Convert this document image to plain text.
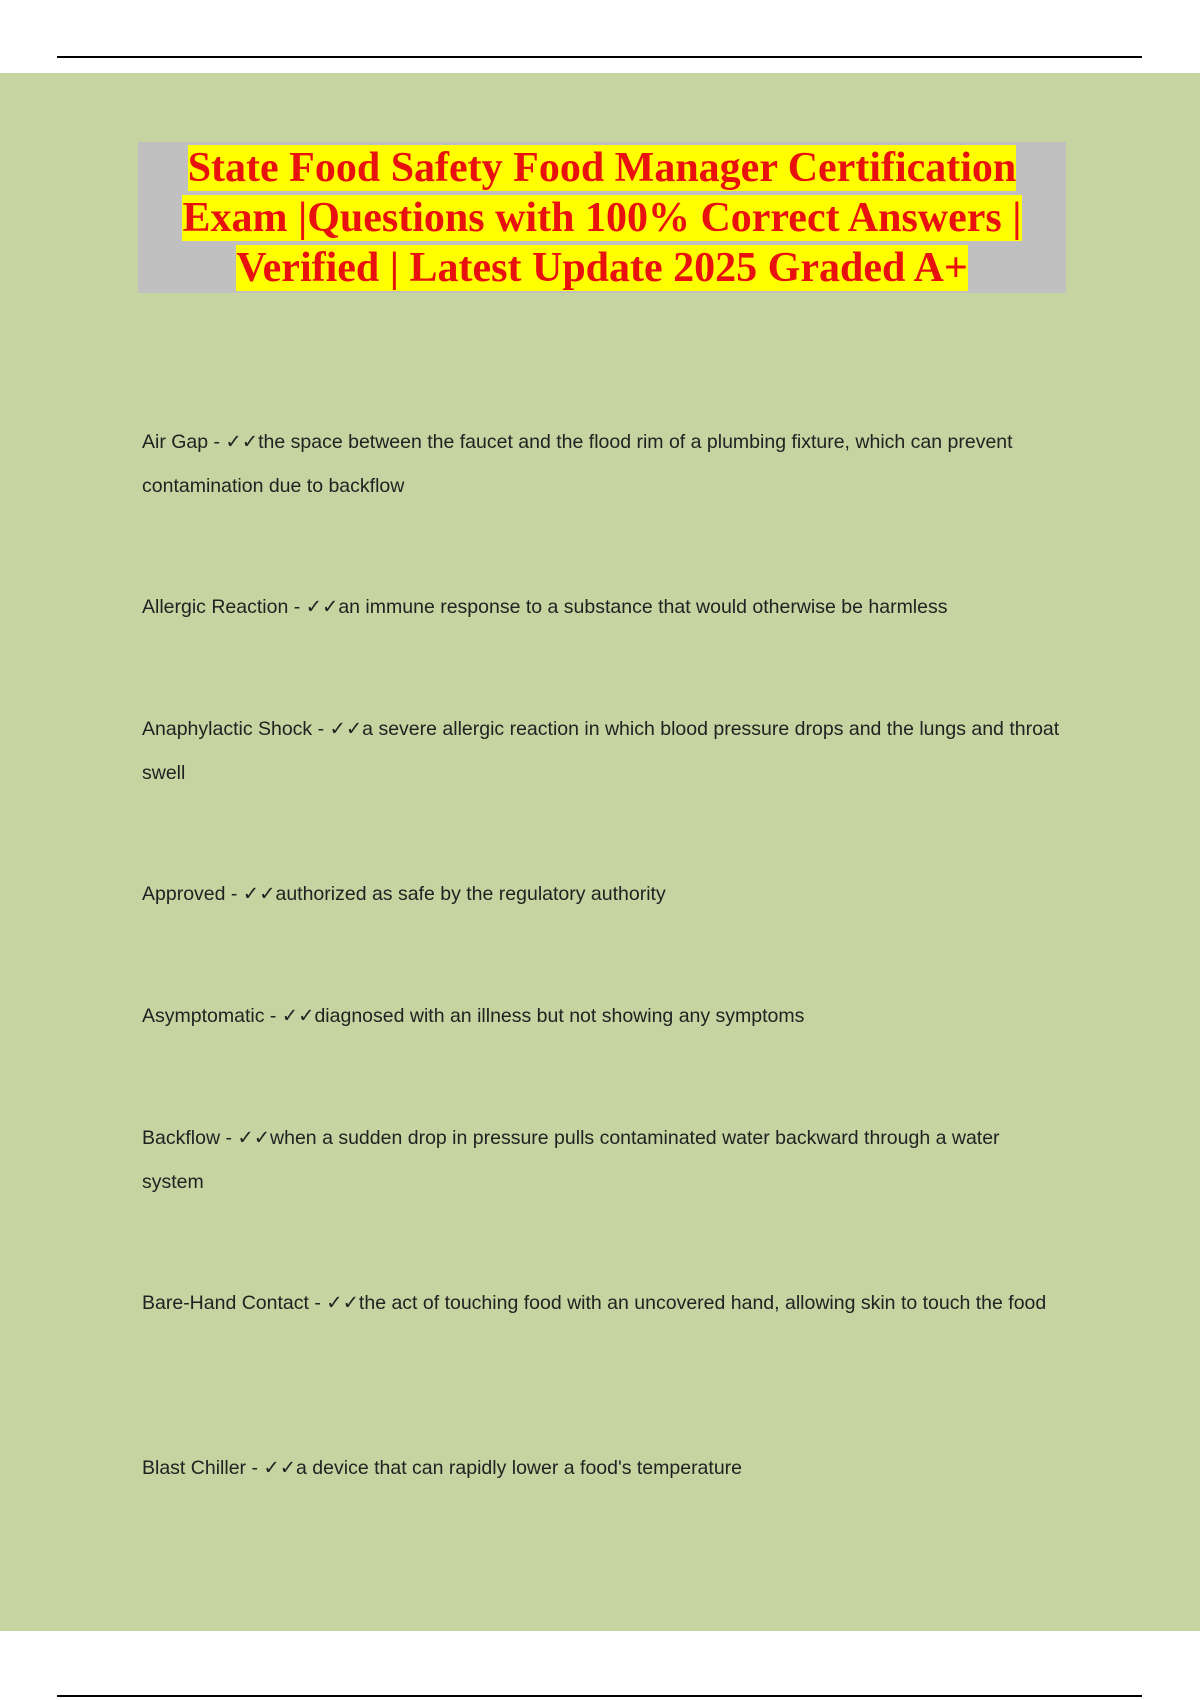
State Food Safety Food Manager Certification
Exam |Questions with 100% Correct Answers |
Verified | Latest Update 2025 Graded A+

Air Gap - ✓✓the space between the faucet and the flood rim of a plumbing fixture, which can prevent contamination due to backflow

Allergic Reaction - ✓✓an immune response to a substance that would otherwise be harmless

Anaphylactic Shock - ✓✓a severe allergic reaction in which blood pressure drops and the lungs and throat swell

Approved - ✓✓authorized as safe by the regulatory authority

Asymptomatic - ✓✓diagnosed with an illness but not showing any symptoms

Backflow - ✓✓when a sudden drop in pressure pulls contaminated water backward through a water system

Bare-Hand Contact - ✓✓the act of touching food with an uncovered hand, allowing skin to touch the food

Blast Chiller - ✓✓a device that can rapidly lower a food's temperature
